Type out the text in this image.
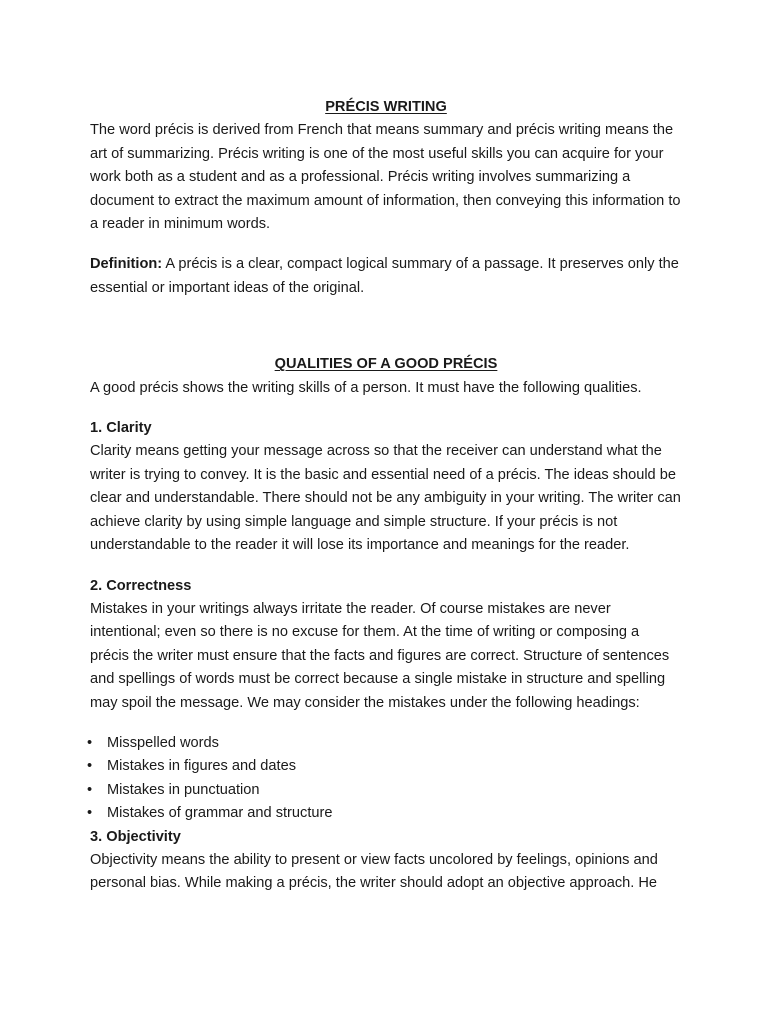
PRÉCIS WRITING

The word précis is derived from French that means summary and précis writing means the art of summarizing. Précis writing is one of the most useful skills you can acquire for your work both as a student and as a professional. Précis writing involves summarizing a document to extract the maximum amount of information, then conveying this information to a reader in minimum words.

Definition: A précis is a clear, compact logical summary of a passage. It preserves only the essential or important ideas of the original.

QUALITIES OF A GOOD PRÉCIS

A good précis shows the writing skills of a person. It must have the following qualities.

1. Clarity

Clarity means getting your message across so that the receiver can understand what the writer is trying to convey. It is the basic and essential need of a précis. The ideas should be clear and understandable. There should not be any ambiguity in your writing. The writer can achieve clarity by using simple language and simple structure. If your précis is not understandable to the reader it will lose its importance and meanings for the reader.

2. Correctness

Mistakes in your writings always irritate the reader. Of course mistakes are never intentional; even so there is no excuse for them. At the time of writing or composing a précis the writer must ensure that the facts and figures are correct. Structure of sentences and spellings of words must be correct because a single mistake in structure and spelling may spoil the message. We may consider the mistakes under the following headings:

• Misspelled words
• Mistakes in figures and dates
• Mistakes in punctuation
• Mistakes of grammar and structure
3. Objectivity

Objectivity means the ability to present or view facts uncolored by feelings, opinions and personal bias. While making a précis, the writer should adopt an objective approach. He
